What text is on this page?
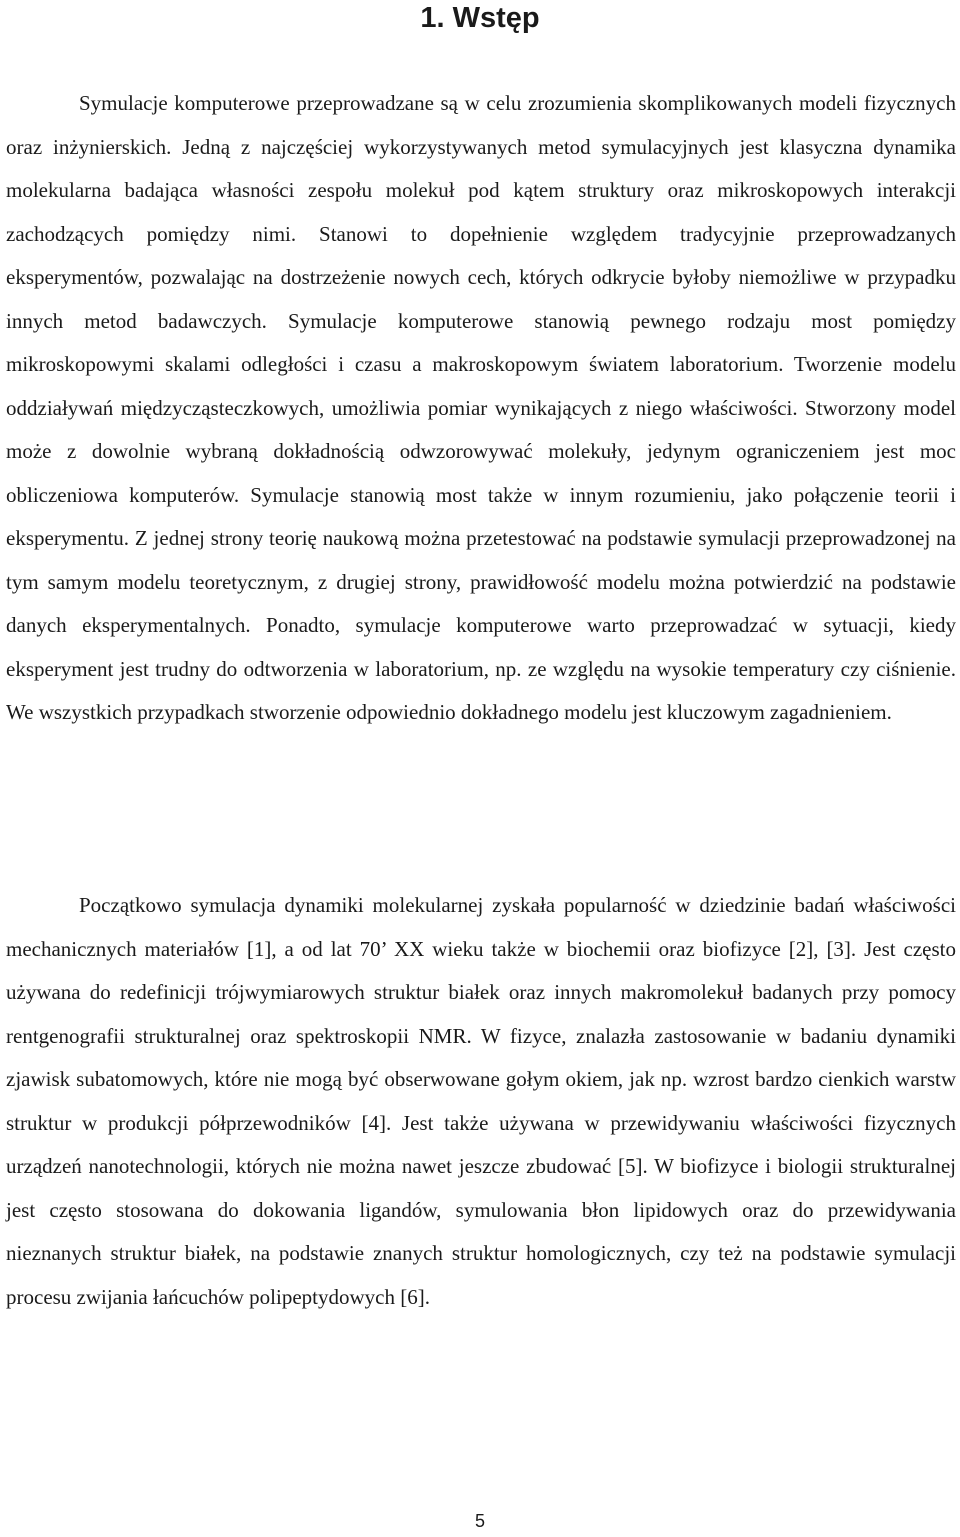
1. Wstęp

Symulacje komputerowe przeprowadzane są w celu zrozumienia skomplikowanych modeli fizycznych oraz inżynierskich. Jedną z najczęściej wykorzystywanych metod symulacyjnych jest klasyczna dynamika molekularna badająca własności zespołu molekuł pod kątem struktury oraz mikroskopowych interakcji zachodzących pomiędzy nimi. Stanowi to dopełnienie względem tradycyjnie przeprowadzanych eksperymentów, pozwalając na dostrzeżenie nowych cech, których odkrycie byłoby niemożliwe w przypadku innych metod badawczych. Symulacje komputerowe stanowią pewnego rodzaju most pomiędzy mikroskopowymi skalami odległości i czasu a makroskopowym światem laboratorium. Tworzenie modelu oddziaływań międzycząsteczkowych, umożliwia pomiar wynikających z niego właściwości. Stworzony model może z dowolnie wybraną dokładnością odwzorowywać molekuły, jedynym ograniczeniem jest moc obliczeniowa komputerów. Symulacje stanowią most także w innym rozumieniu, jako połączenie teorii i eksperymentu. Z jednej strony teorię naukową można przetestować na podstawie symulacji przeprowadzonej na tym samym modelu teoretycznym, z drugiej strony, prawidłowość modelu można potwierdzić na podstawie danych eksperymentalnych. Ponadto, symulacje komputerowe warto przeprowadzać w sytuacji, kiedy eksperyment jest trudny do odtworzenia w laboratorium, np. ze względu na wysokie temperatury czy ciśnienie. We wszystkich przypadkach stworzenie odpowiednio dokładnego modelu jest kluczowym zagadnieniem.

Początkowo symulacja dynamiki molekularnej zyskała popularność w dziedzinie badań właściwości mechanicznych materiałów [1], a od lat 70’ XX wieku także w biochemii oraz biofizyce [2], [3]. Jest często używana do redefinicji trójwymiarowych struktur białek oraz innych makromolekuł badanych przy pomocy rentgenografii strukturalnej oraz spektroskopii NMR. W fizyce, znalazła zastosowanie w badaniu dynamiki zjawisk subatomowych, które nie mogą być obserwowane gołym okiem, jak np. wzrost bardzo cienkich warstw struktur w produkcji półprzewodników [4]. Jest także używana w przewidywaniu właściwości fizycznych urządzeń nanotechnologii, których nie można nawet jeszcze zbudować [5]. W biofizyce i biologii strukturalnej jest często stosowana do dokowania ligandów, symulowania błon lipidowych oraz do przewidywania nieznanych struktur białek, na podstawie znanych struktur homologicznych, czy też na podstawie symulacji procesu zwijania łańcuchów polipeptydowych [6].

5
